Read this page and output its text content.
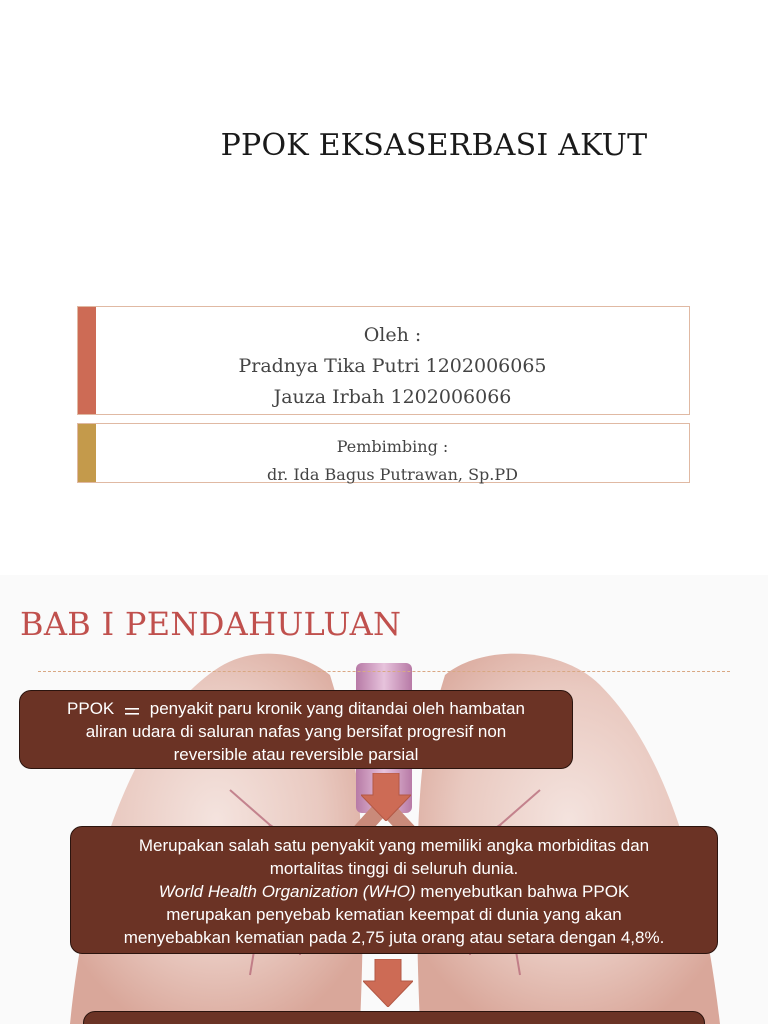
PPOK EKSASERBASI AKUT
Oleh :
Pradnya Tika Putri 1202006065
Jauza Irbah 1202006066
Pembimbing :
dr. Ida Bagus Putrawan, Sp.PD
BAB I PENDAHULUAN
PPOK penyakit paru kronik yang ditandai oleh hambatan
aliran udara di saluran nafas yang bersifat progresif non
reversible atau reversible parsial
Merupakan salah satu penyakit yang memiliki angka morbiditas dan
mortalitas tinggi di seluruh dunia.
World Health Organization (WHO) menyebutkan bahwa PPOK
merupakan penyebab kematian keempat di dunia yang akan
menyebabkan kematian pada 2,75 juta orang atau setara dengan 4,8%.
